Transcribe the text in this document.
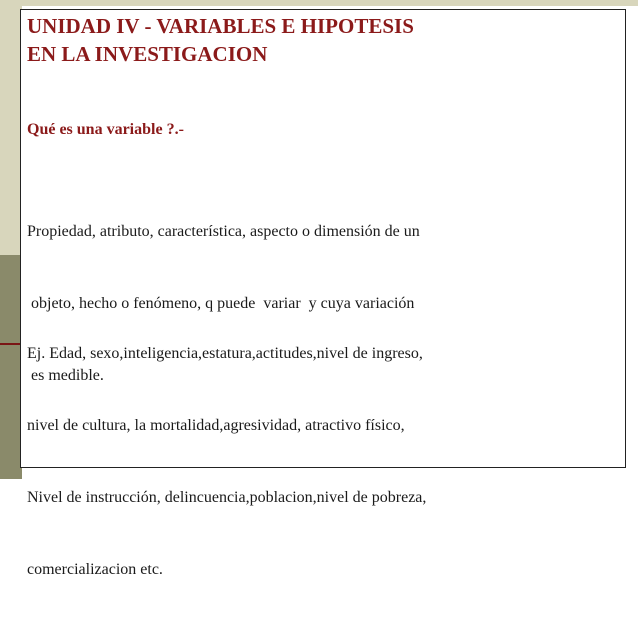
UNIDAD IV - VARIABLES E HIPOTESIS
EN LA INVESTIGACION

Qué es una variable ?.-

Propiedad, atributo, característica, aspecto o dimensión de un

objeto, hecho o fenómeno, q puede  variar  y cuya variación

es medible.

Ej. Edad, sexo,inteligencia,estatura,actitudes,nivel de ingreso,

nivel de cultura, la mortalidad,agresividad, atractivo físico,

Nivel de instrucción, delincuencia,poblacion,nivel de pobreza,

comercializacion etc.
